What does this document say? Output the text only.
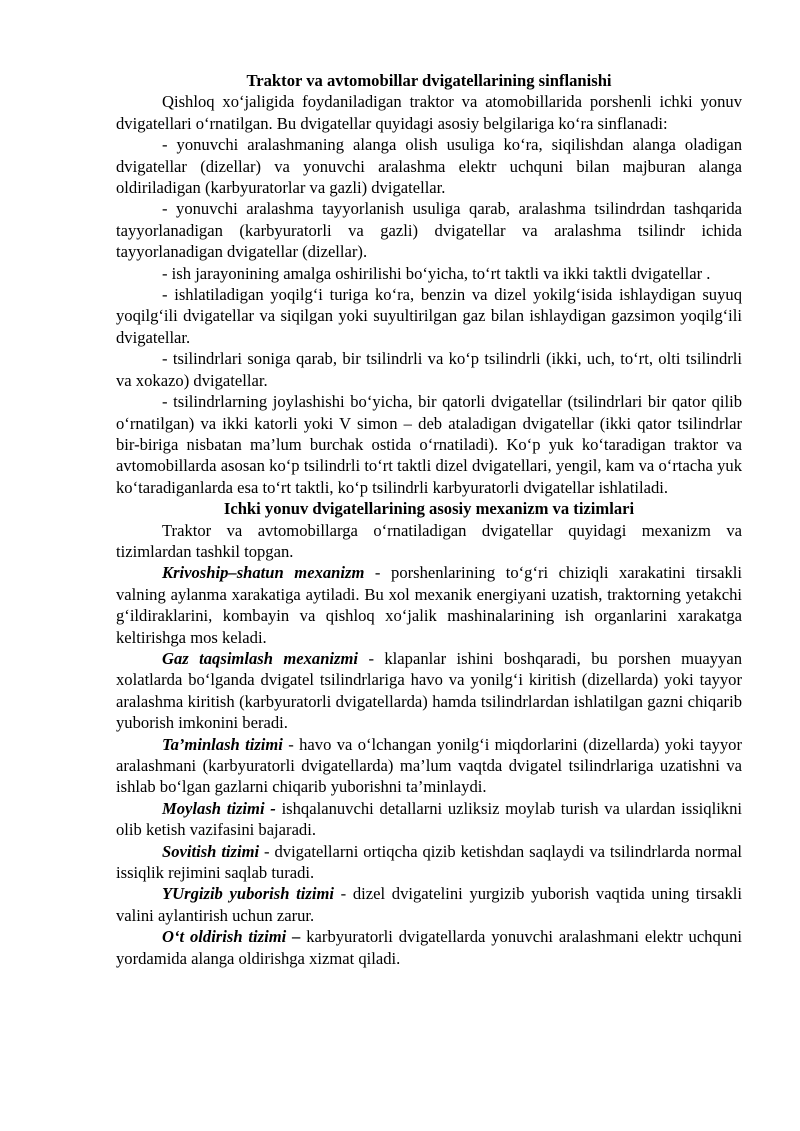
Traktor va avtomobillar dvigatellarining sinflanishi

Qishloq xo‘jaligida foydaniladigan traktor va atomobillarida porshenli ichki yonuv dvigatellari o‘rnatilgan. Bu dvigatellar quyidagi asosiy belgilariga ko‘ra sinflanadi:

- yonuvchi aralashmaning alanga olish usuliga ko‘ra, siqilishdan alanga oladigan dvigatellar (dizellar) va yonuvchi aralashma elektr uchquni bilan majburan alanga oldiriladigan (karbyuratorlar va gazli) dvigatellar.

- yonuvchi aralashma tayyorlanish usuliga qarab, aralashma tsilindrdan tashqarida tayyorlanadigan (karbyuratorli va gazli) dvigatellar va aralashma tsilindr ichida tayyorlanadigan dvigatellar (dizellar).

- ish jarayonining amalga oshirilishi bo‘yicha, to‘rt taktli va ikki taktli dvigatellar .

- ishlatiladigan yoqilg‘i turiga ko‘ra, benzin va dizel yokilg‘isida ishlaydigan suyuq yoqilg‘ili dvigatellar va siqilgan yoki suyultirilgan gaz bilan ishlaydigan gazsimon yoqilg‘ili dvigatellar.

- tsilindrlari soniga qarab, bir tsilindrli va ko‘p tsilindrli (ikki, uch, to‘rt, olti tsilindrli va xokazo) dvigatellar.

- tsilindrlarning joylashishi bo‘yicha, bir qatorli dvigatellar (tsilindrlari bir qator qilib o‘rnatilgan) va ikki katorli yoki V simon – deb ataladigan dvigatellar (ikki qator tsilindrlar bir-biriga nisbatan ma’lum burchak ostida o‘rnatiladi). Ko‘p yuk ko‘taradigan traktor va avtomobillarda asosan ko‘p tsilindrli to‘rt taktli dizel dvigatellari, yengil, kam va o‘rtacha yuk ko‘taradiganlarda esa to‘rt taktli, ko‘p tsilindrli karbyuratorli dvigatellar ishlatiladi.

Ichki yonuv dvigatellarining asosiy mexanizm va tizimlari

Traktor va avtomobillarga o‘rnatiladigan dvigatellar quyidagi mexanizm va tizimlardan tashkil topgan.

Krivoship–shatun mexanizm - porshenlarining to‘g‘ri chiziqli xarakatini tirsakli valning aylanma xarakatiga aytiladi. Bu xol mexanik energiyani uzatish, traktorning yetakchi g‘ildiraklarini, kombayin va qishloq xo‘jalik mashinalarining ish organlarini xarakatga keltirishga mos keladi.

Gaz taqsimlash mexanizmi - klapanlar ishini boshqaradi, bu porshen muayyan xolatlarda bo‘lganda dvigatel tsilindrlariga havo va yonilg‘i kiritish (dizellarda) yoki tayyor aralashma kiritish (karbyuratorli dvigatellarda) hamda tsilindrlardan ishlatilgan gazni chiqarib yuborish imkonini beradi.

Ta’minlash tizimi - havo va o‘lchangan yonilg‘i miqdorlarini (dizellarda) yoki tayyor aralashmani (karbyuratorli dvigatellarda) ma’lum vaqtda dvigatel tsilindrlariga uzatishni va ishlab bo‘lgan gazlarni chiqarib yuborishni ta’minlaydi.

Moylash tizimi - ishqalanuvchi detallarni uzliksiz moylab turish va ulardan issiqlikni olib ketish vazifasini bajaradi.

Sovitish tizimi - dvigatellarni ortiqcha qizib ketishdan saqlaydi va tsilindrlarda normal issiqlik rejimini saqlab turadi.

YUrgizib yuborish tizimi - dizel dvigatelini yurgizib yuborish vaqtida uning tirsakli valini aylantirish uchun zarur.

O‘t oldirish tizimi – karbyuratorli dvigatellarda yonuvchi aralashmani elektr uchquni yordamida alanga oldirishga xizmat qiladi.
